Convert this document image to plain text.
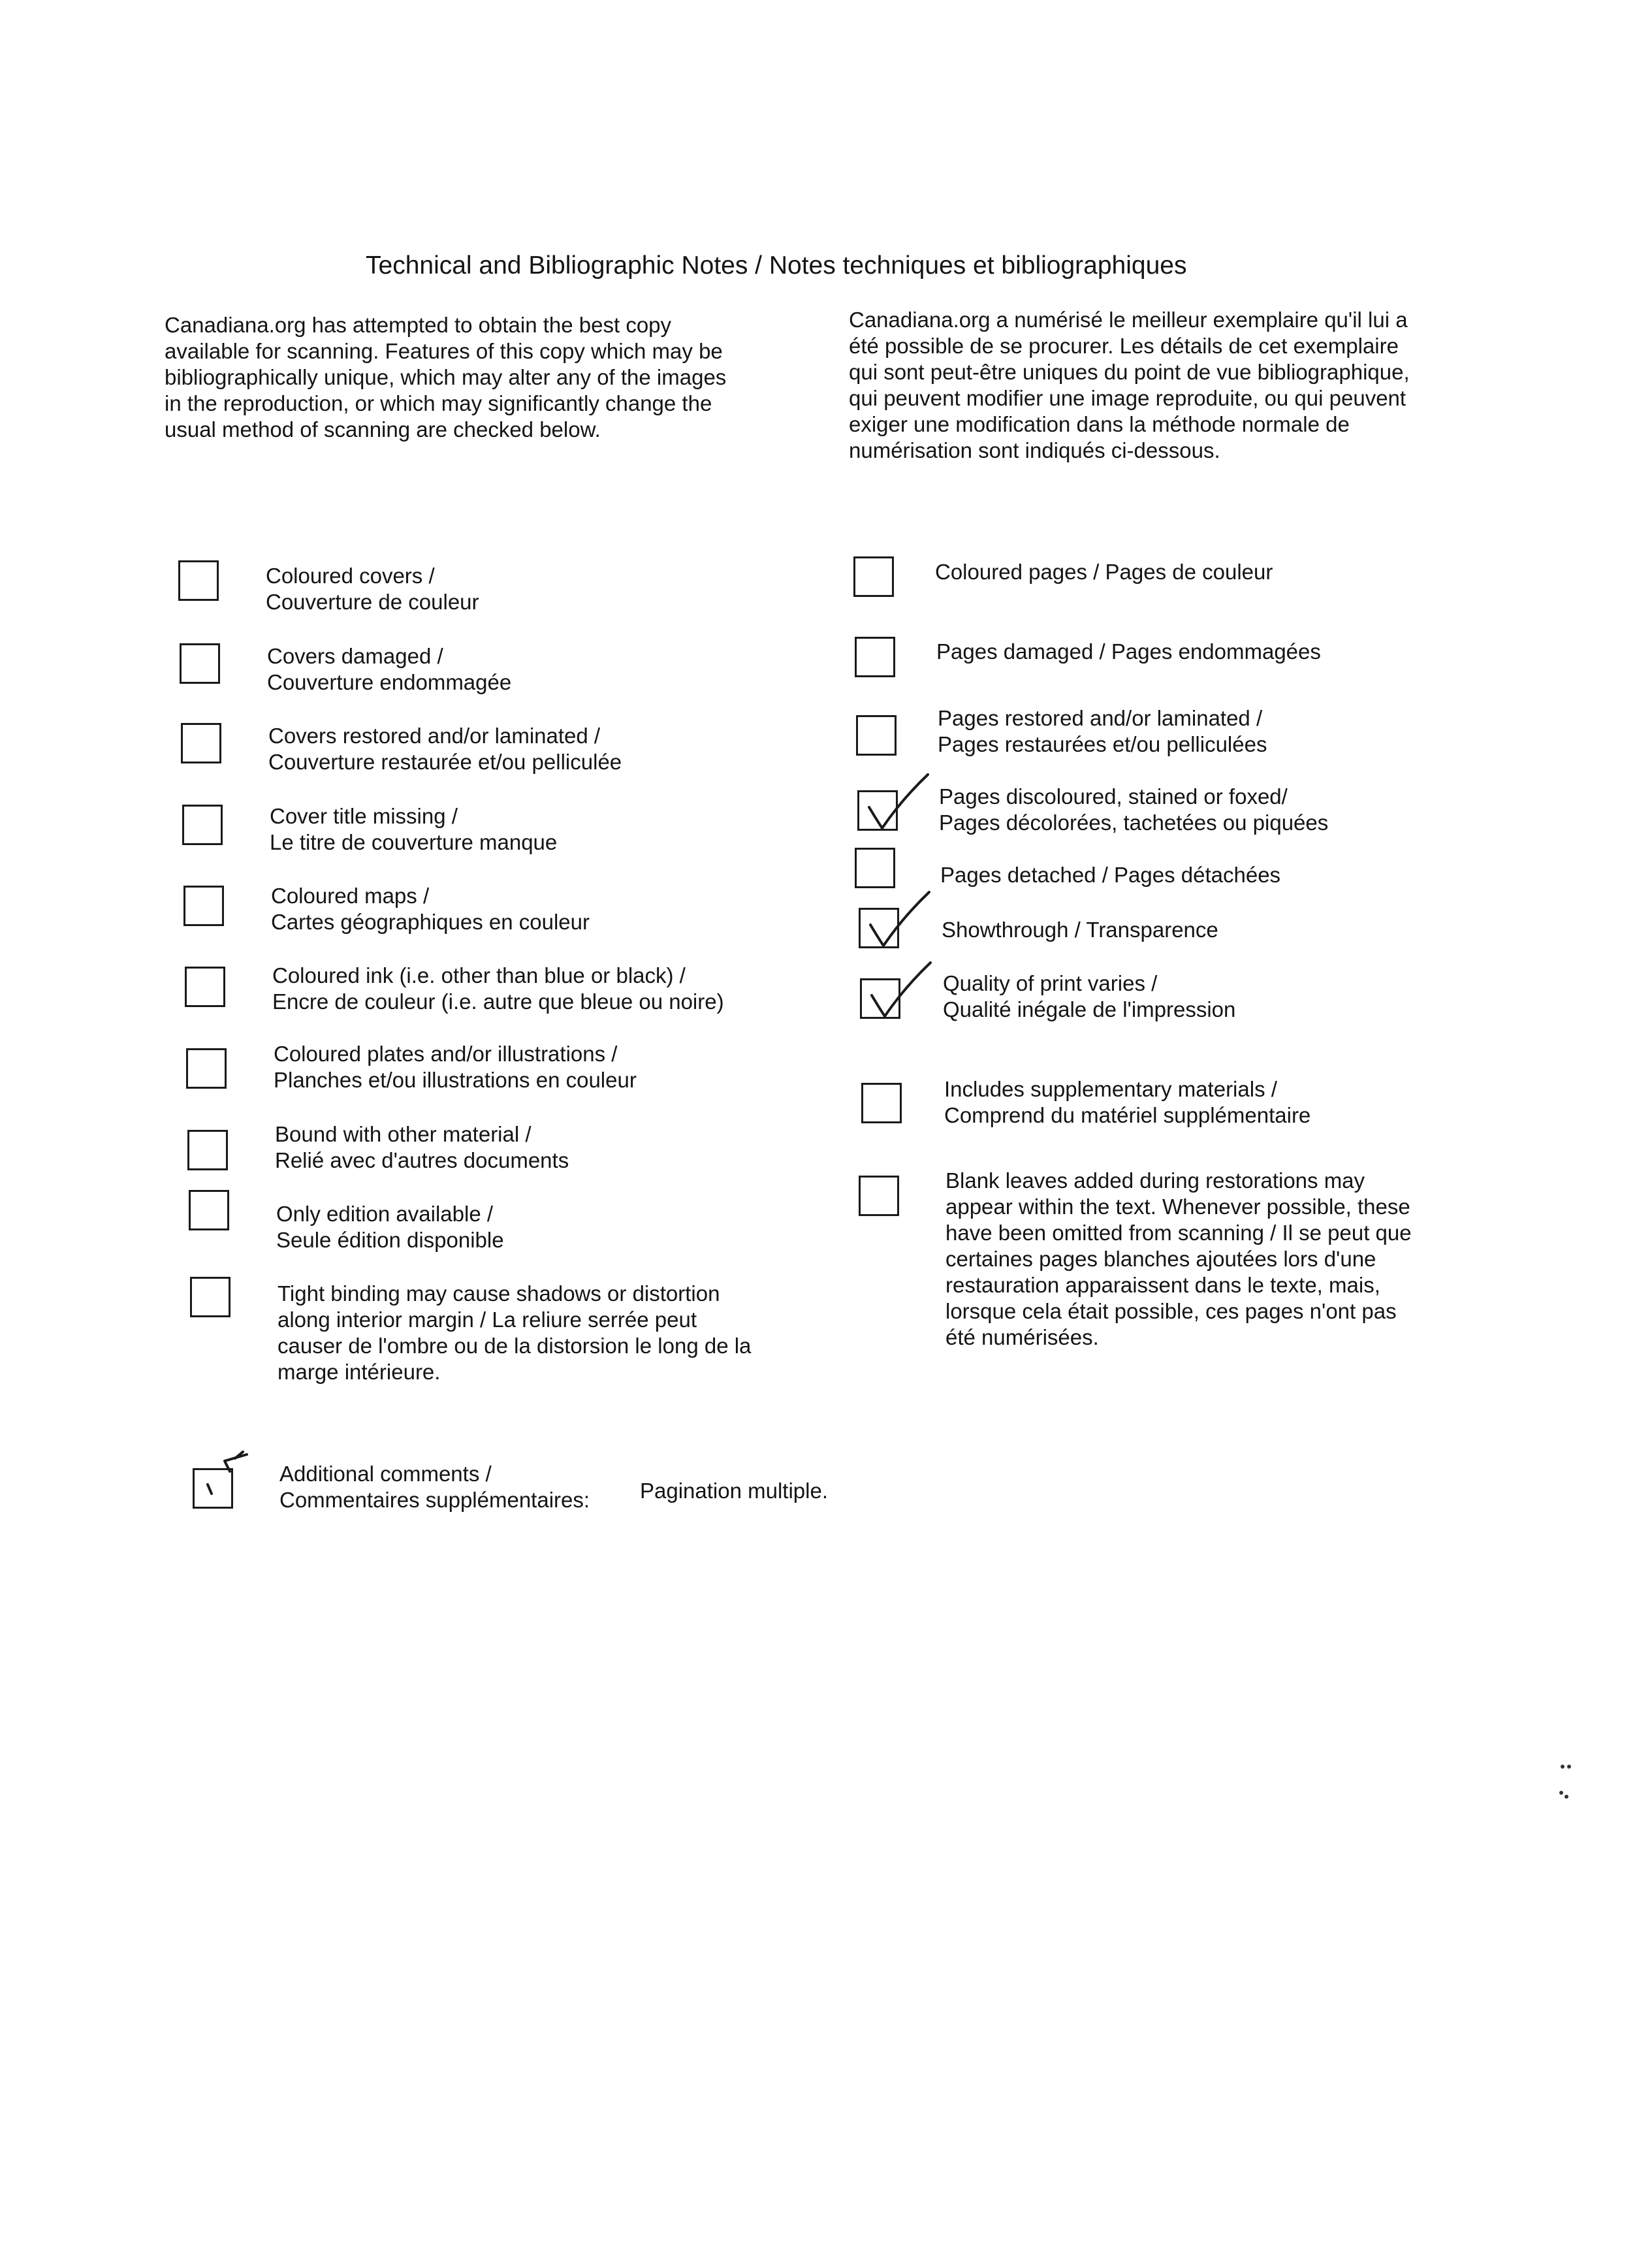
Technical and Bibliographic Notes / Notes techniques et bibliographiques
Canadiana.org has attempted to obtain the best copy
available for scanning. Features of this copy which may be
bibliographically unique, which may alter any of the images
in the reproduction, or which may significantly change the
usual method of scanning are checked below.
Canadiana.org a numérisé le meilleur exemplaire qu'il lui a
été possible de se procurer. Les détails de cet exemplaire
qui sont peut-être uniques du point de vue bibliographique,
qui peuvent modifier une image reproduite, ou qui peuvent
exiger une modification dans la méthode normale de
numérisation sont indiqués ci-dessous.
Coloured covers /
Couverture de couleur
Covers damaged /
Couverture endommagée
Covers restored and/or laminated /
Couverture restaurée et/ou pelliculée
Cover title missing /
Le titre de couverture manque
Coloured maps /
Cartes géographiques en couleur
Coloured ink (i.e. other than blue or black) /
Encre de couleur (i.e. autre que bleue ou noire)
Coloured plates and/or illustrations /
Planches et/ou illustrations en couleur
Bound with other material /
Relié avec d'autres documents
Only edition available /
Seule édition disponible
Tight binding may cause shadows or distortion
along interior margin / La reliure serrée peut
causer de l'ombre ou de la distorsion le long de la
marge intérieure.
Coloured pages / Pages de couleur
Pages damaged / Pages endommagées
Pages restored and/or laminated /
Pages restaurées et/ou pelliculées
Pages discoloured, stained or foxed/
Pages décolorées, tachetées ou piquées
Pages detached / Pages détachées
Showthrough / Transparence
Quality of print varies /
Qualité inégale de l'impression
Includes supplementary materials /
Comprend du matériel supplémentaire
Blank leaves added during restorations may
appear within the text. Whenever possible, these
have been omitted from scanning / Il se peut que
certaines pages blanches ajoutées lors d'une
restauration apparaissent dans le texte, mais,
lorsque cela était possible, ces pages n'ont pas
été numérisées.
Additional comments /
Commentaires supplémentaires: Pagination multiple.
